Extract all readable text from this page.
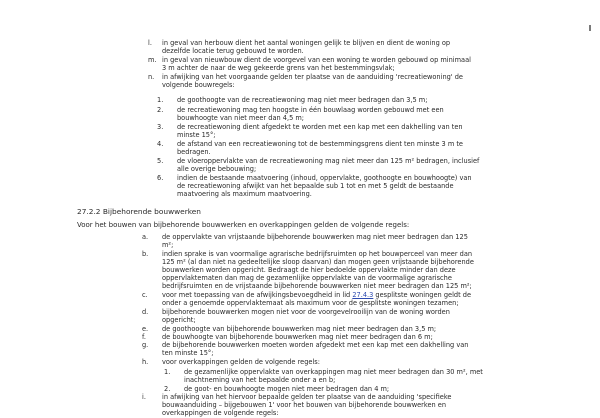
l. in geval van herbouw dient het aantal woningen gelijk te blijven en dient de woning op
dezelfde locatie terug gebouwd te worden.
m. in geval van nieuwbouw dient de voorgevel van een woning te worden gebouwd op minimaal
3 m achter de naar de weg gekeerde grens van het bestemmingsvlak;
n. in afwijking van het voorgaande gelden ter plaatse van de aanduiding 'recreatiewoning' de
volgende bouwregels:
1. de goothoogte van de recreatiewoning mag niet meer bedragen dan 3,5 m;
2. de recreatiewoning mag ten hoogste in één bouwlaag worden gebouwd met een
bouwhoogte van niet meer dan 4,5 m;
3. de recreatiewoning dient afgedekt te worden met een kap met een dakhelling van ten
minste 15°;
4. de afstand van een recreatiewoning tot de bestemmingsgrens dient ten minste 3 m te
bedragen.
5. de vloeroppervlakte van de recreatiewoning mag niet meer dan 125 m² bedragen, inclusief
alle overige bebouwing;
6. indien de bestaande maatvoering (inhoud, oppervlakte, goothoogte en bouwhoogte) van
de recreatiewoning afwijkt van het bepaalde sub 1 tot en met 5 geldt de bestaande
maatvoering als maximum maatvoering.
27.2.2 Bijbehorende bouwwerken
Voor het bouwen van bijbehorende bouwwerken en overkappingen gelden de volgende regels:
a. de oppervlakte van vrijstaande bijbehorende bouwwerken mag niet meer bedragen dan 125
m²;
b. indien sprake is van voormalige agrarische bedrijfsruimten op het bouwperceel van meer dan
125 m² (al dan niet na gedeeltelijke sloop daarvan) dan mogen geen vrijstaande bijbehorende
bouwwerken worden opgericht. Bedraagt de hier bedoelde oppervlakte minder dan deze
oppervlaktematen dan mag de gezamenlijke oppervlakte van de voormalige agrarische
bedrijfsruimten en de vrijstaande bijbehorende bouwwerken niet meer bedragen dan 125 m²;
c. voor met toepassing van de afwijkingsbevoegdheid in lid 27.4.3 gesplitste woningen geldt de
onder a genoemde oppervlaktemaat als maximum voor de gesplitste woningen tezamen;
d. bijbehorende bouwwerken mogen niet voor de voorgevelrooilijn van de woning worden
opgericht;
e. de goothoogte van bijbehorende bouwwerken mag niet meer bedragen dan 3,5 m;
f. de bouwhoogte van bijbehorende bouwwerken mag niet meer bedragen dan 6 m;
g. de bijbehorende bouwwerken moeten worden afgedekt met een kap met een dakhelling van
ten minste 15°;
h. voor overkappingen gelden de volgende regels:
1. de gezamenlijke oppervlakte van overkappingen mag niet meer bedragen dan 30 m², met
inachtneming van het bepaalde onder a en b;
2. de goot- en bouwhoogte mogen niet meer bedragen dan 4 m;
i. in afwijking van het hiervoor bepaalde gelden ter plaatse van de aanduiding 'specifieke
bouwaanduiding – bijgebouwen 1' voor het bouwen van bijbehorende bouwwerken en
overkappingen de volgende regels:
